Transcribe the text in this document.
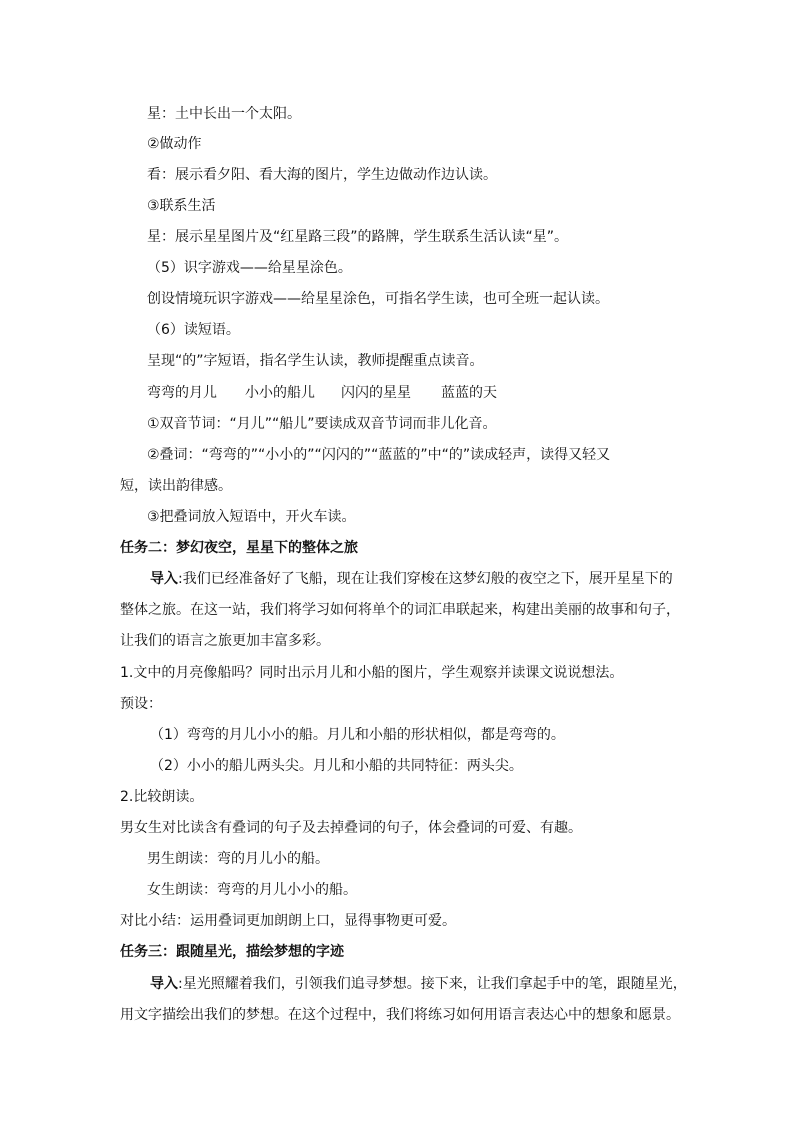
星：土中长出一个太阳。
②做动作
看：展示看夕阳、看大海的图片，学生边做动作边认读。
③联系生活
星：展示星星图片及“红星路三段”的路牌，学生联系生活认读“星”。
（5）识字游戏——给星星涂色。
创设情境玩识字游戏——给星星涂色，可指名学生读，也可全班一起认读。
（6）读短语。
呈现“的”字短语，指名学生认读，教师提醒重点读音。
弯弯的月儿 小小的船儿 闪闪的星星 蓝蓝的天
①双音节词：“月儿”“船儿”要读成双音节词而非儿化音。
②叠词：“弯弯的”“小小的”“闪闪的”“蓝蓝的”中“的”读成轻声，读得又轻又
短，读出韵律感。
③把叠词放入短语中，开火车读。
任务二：梦幻夜空，星星下的整体之旅
导入:我们已经准备好了飞船，现在让我们穿梭在这梦幻般的夜空之下，展开星星下的
整体之旅。在这一站，我们将学习如何将单个的词汇串联起来，构建出美丽的故事和句子，
让我们的语言之旅更加丰富多彩。
1.文中的月亮像船吗？同时出示月儿和小船的图片，学生观察并读课文说说想法。
预设：
（1）弯弯的月儿小小的船。月儿和小船的形状相似，都是弯弯的。
（2）小小的船儿两头尖。月儿和小船的共同特征：两头尖。
2.比较朗读。
男女生对比读含有叠词的句子及去掉叠词的句子，体会叠词的可爱、有趣。
男生朗读：弯的月儿小的船。
女生朗读：弯弯的月儿小小的船。
对比小结：运用叠词更加朗朗上口，显得事物更可爱。
任务三：跟随星光，描绘梦想的字迹
导入:星光照耀着我们，引领我们追寻梦想。接下来，让我们拿起手中的笔，跟随星光，
用文字描绘出我们的梦想。在这个过程中，我们将练习如何用语言表达心中的想象和愿景。
